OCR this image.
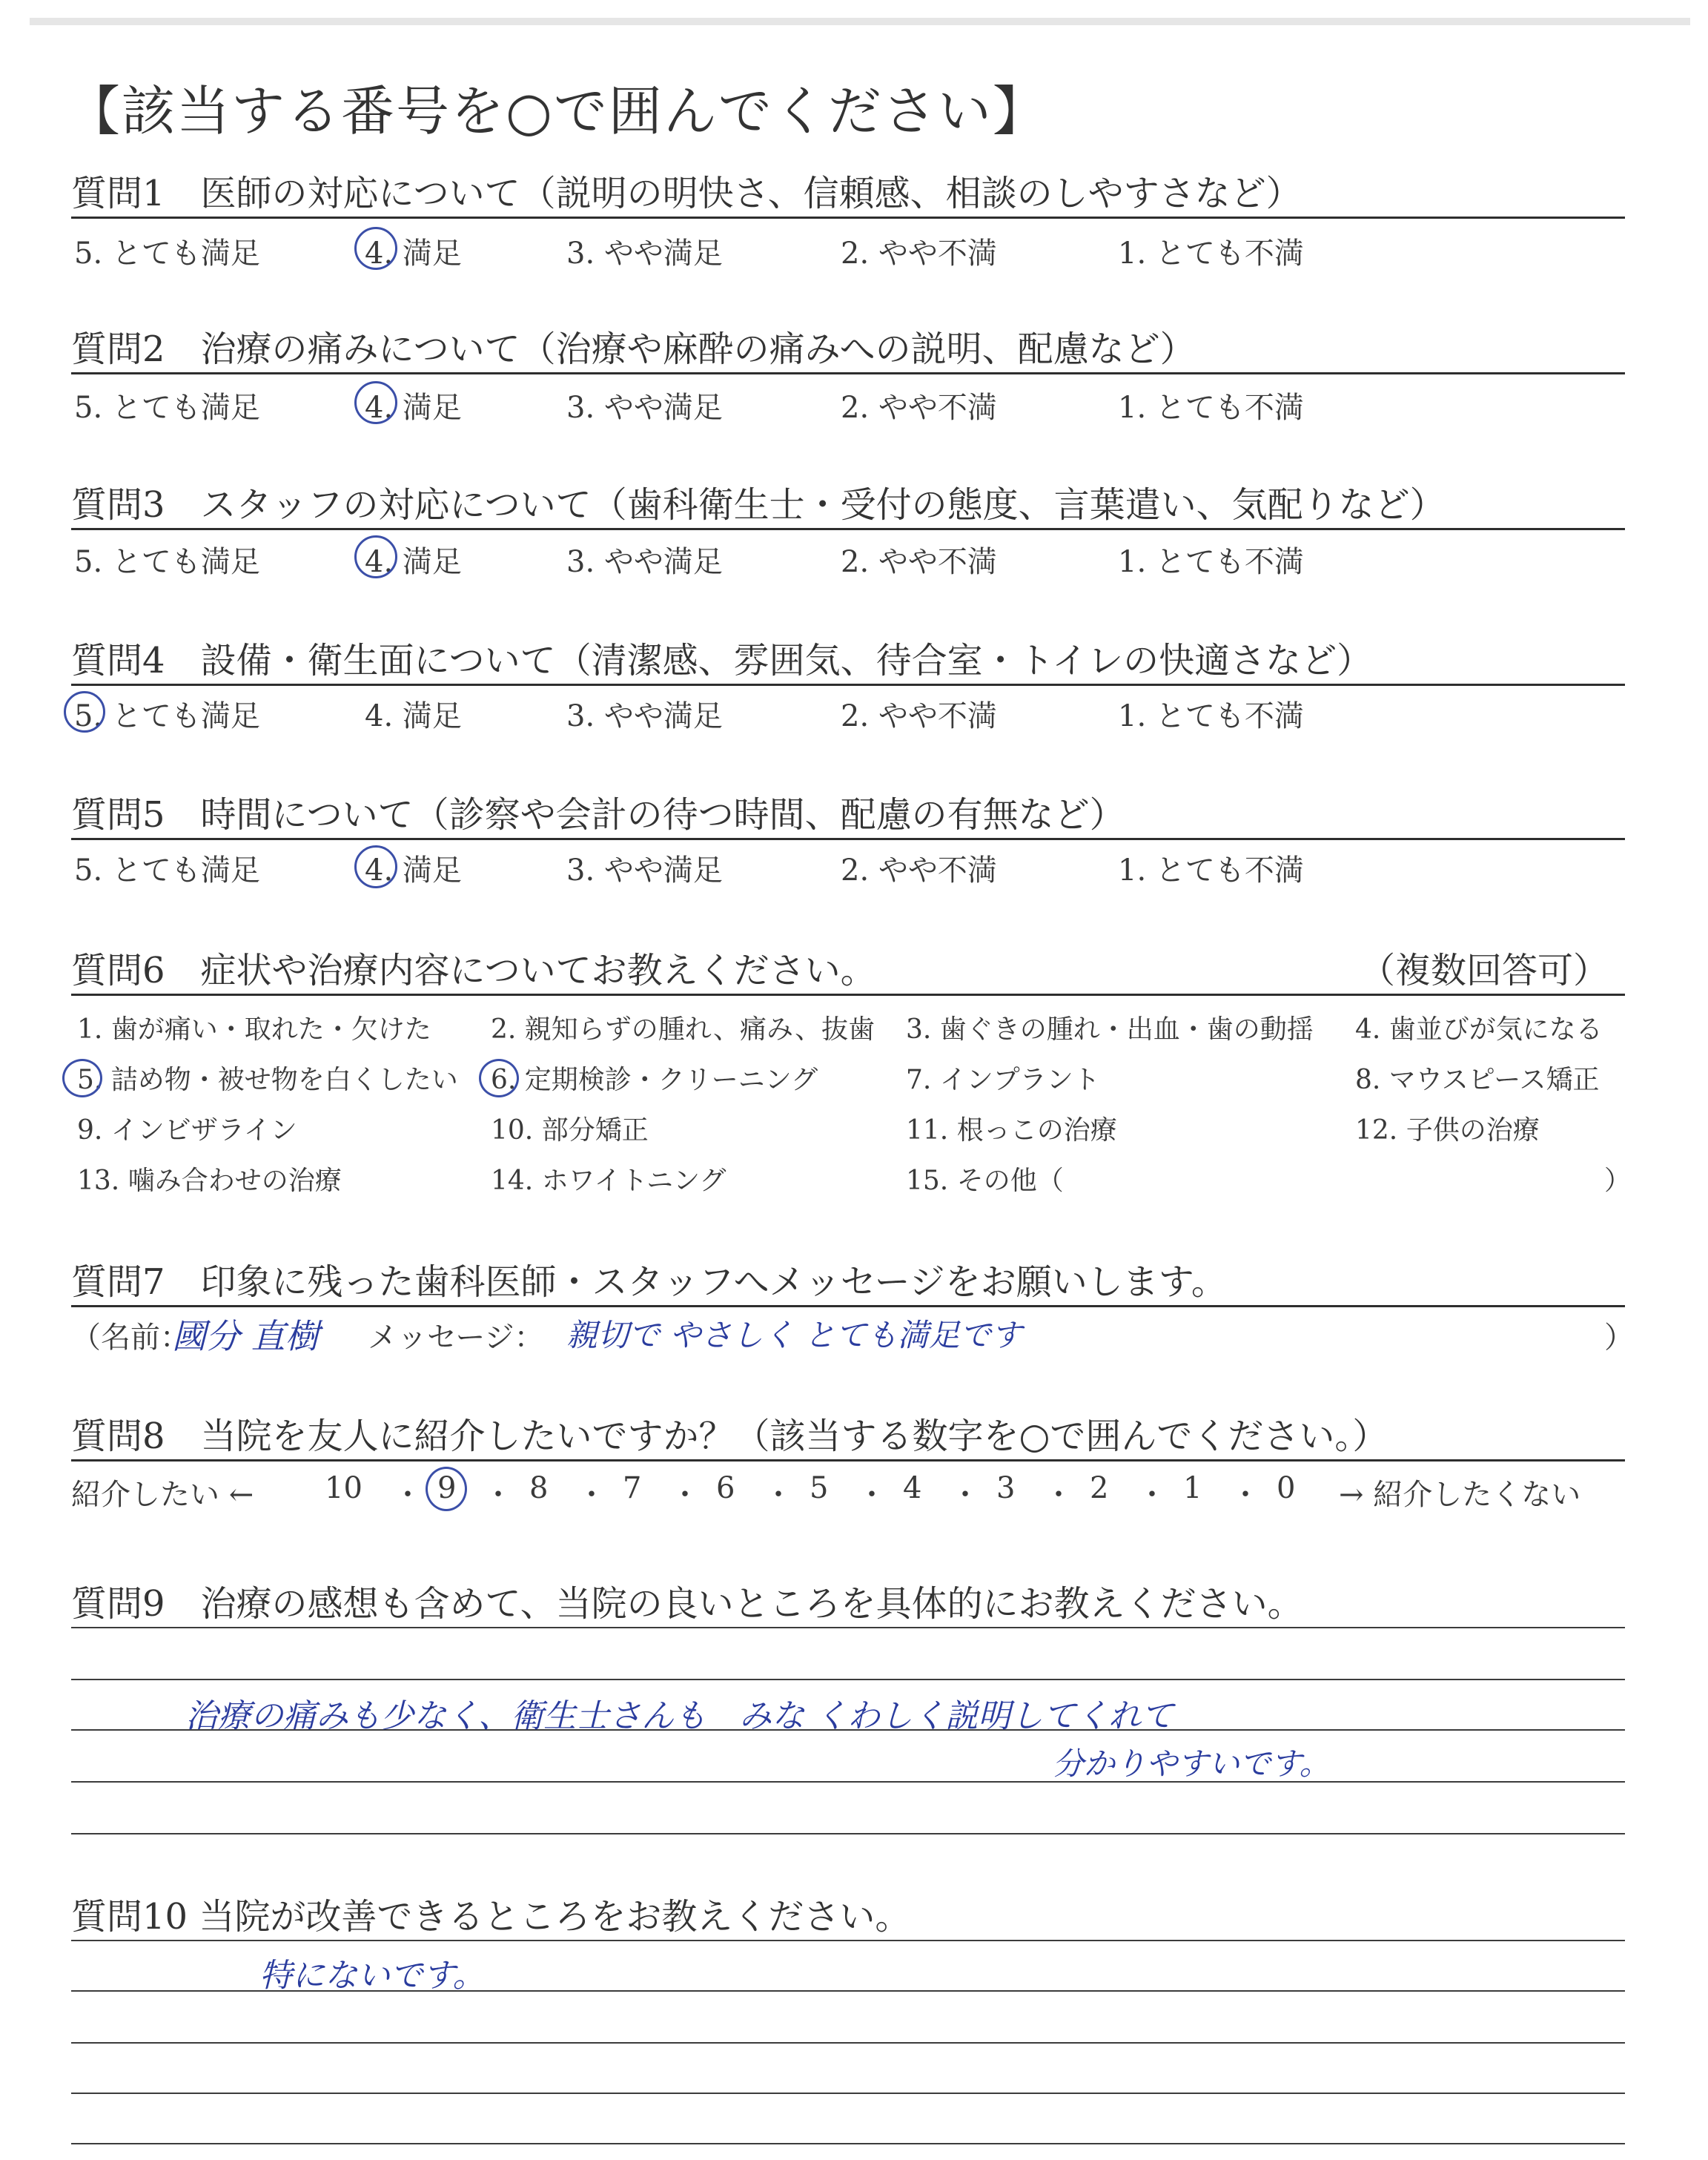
【該当する番号を○で囲んでください】
質問1　医師の対応について（説明の明快さ、信頼感、相談のしやすさなど）
5. とても満足	4. 満足	3. やや満足	2. やや不満	1. とても不満
質問2　治療の痛みについて（治療や麻酔の痛みへの説明、配慮など）
5. とても満足	4. 満足	3. やや満足	2. やや不満	1. とても不満
質問3　スタッフの対応について（歯科衛生士・受付の態度、言葉遣い、気配りなど）
5. とても満足	4. 満足	3. やや満足	2. やや不満	1. とても不満
質問4　設備・衛生面について（清潔感、雰囲気、待合室・トイレの快適さなど）
5. とても満足	4. 満足	3. やや満足	2. やや不満	1. とても不満
質問5　時間について（診察や会計の待つ時間、配慮の有無など）
5. とても満足	4. 満足	3. やや満足	2. やや不満	1. とても不満
質問6　症状や治療内容についてお教えください。	（複数回答可）
1. 歯が痛い・取れた・欠けた 2. 親知らずの腫れ、痛み、抜歯 3. 歯ぐきの腫れ・出血・歯の動揺 4. 歯並びが気になる
5. 詰め物・被せ物を白くしたい 6. 定期検診・クリーニング	7. インプラント	8. マウスピース矯正
9. インビザライン	10. 部分矯正	11. 根っこの治療	12. 子供の治療
13. 噛み合わせの治療	14. ホワイトニング	15. その他（	）
質問7　印象に残った歯科医師・スタッフへメッセージをお願いします。
（名前：
國分 直樹 メッセージ： 親切で やさしく とても満足です	）
質問8　当院を友人に紹介したいですか？（該当する数字を○で囲んでください。）
紹介したい ← 10 ・ 9 ・ 8 ・ 7 ・ 6 ・ 5 ・ 4 ・ 3 ・ 2 ・ 1 ・ 0 → 紹介したくない
質問9　治療の感想も含めて、当院の良いところを具体的にお教えください。
治療の痛みも少なく、衛生士さんも　みな くわしく説明してくれて
分かりやすいです。
質問10 当院が改善できるところをお教えください。
特にないです。
